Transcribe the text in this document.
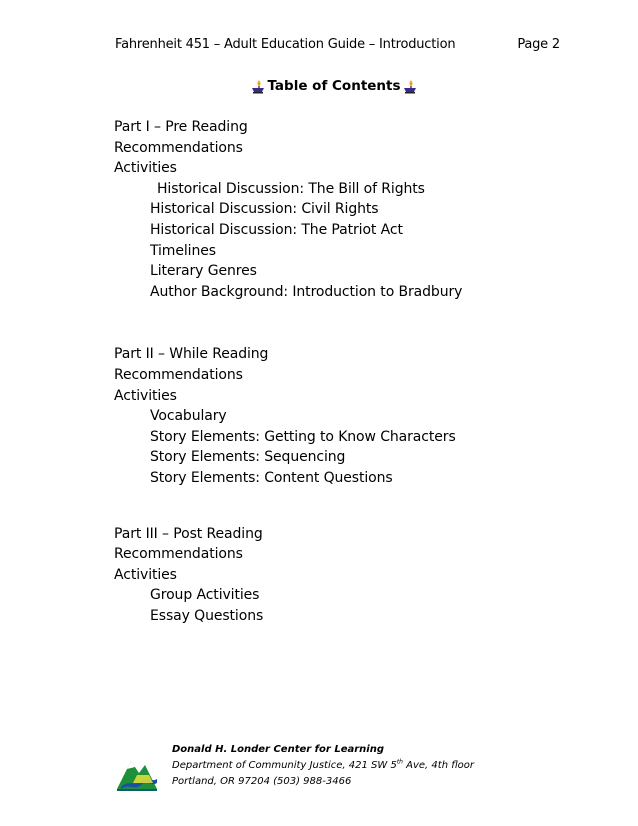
Fahrenheit 451 – Adult Education Guide – Introduction	Page 2
Table of Contents
Part I – Pre Reading
Recommendations
Activities
Historical Discussion: The Bill of Rights
Historical Discussion: Civil Rights
Historical Discussion: The Patriot Act
Timelines
Literary Genres
Author Background: Introduction to Bradbury
Part II – While Reading
Recommendations
Activities
Vocabulary
Story Elements: Getting to Know Characters
Story Elements: Sequencing
Story Elements: Content Questions
Part III – Post Reading
Recommendations
Activities
Group Activities
Essay Questions
Donald H. Londer Center for Learning
Department of Community Justice, 421 SW 5th Ave, 4th floor
Portland, OR 97204 (503) 988-3466
